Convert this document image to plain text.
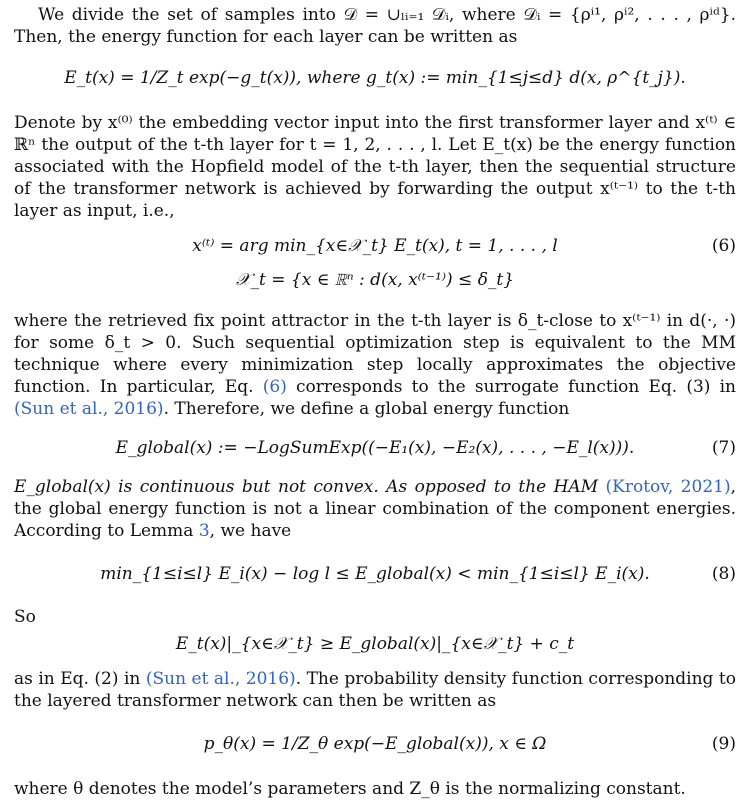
We divide the set of samples into 𝒟 = ∪ₗᵢ₌₁ 𝒟ᵢ, where 𝒟ᵢ = {ρⁱ¹, ρⁱ², . . . , ρⁱᵈ}. Then, the energy function for each layer can be written as

E_t(x) = 1/Z_t exp(−g_t(x)), where g_t(x) := min_{1≤j≤d} d(x, ρ^{t_j}).

Denote by x⁽⁰⁾ the embedding vector input into the first transformer layer and x⁽ᵗ⁾ ∈ ℝⁿ the output of the t-th layer for t = 1, 2, . . . , l. Let E_t(x) be the energy function associated with the Hopfield model of the t-th layer, then the sequential structure of the transformer network is achieved by forwarding the output x⁽ᵗ⁻¹⁾ to the t-th layer as input, i.e.,

x⁽ᵗ⁾ = arg min_{x∈𝒳_t} E_t(x), t = 1, . . . , l	(6)
𝒳_t = {x ∈ ℝⁿ : d(x, x⁽ᵗ⁻¹⁾) ≤ δ_t}

where the retrieved fix point attractor in the t-th layer is δ_t-close to x⁽ᵗ⁻¹⁾ in d(·, ·) for some δ_t > 0. Such sequential optimization step is equivalent to the MM technique where every minimization step locally approximates the objective function. In particular, Eq. (6) corresponds to the surrogate function Eq. (3) in (Sun et al., 2016). Therefore, we define a global energy function

E_global(x) := −LogSumExp((−E₁(x), −E₂(x), . . . , −E_l(x))).	(7)

E_global(x) is continuous but not convex. As opposed to the HAM (Krotov, 2021), the global energy function is not a linear combination of the component energies. According to Lemma 3, we have

min_{1≤i≤l} E_i(x) − log l ≤ E_global(x) < min_{1≤i≤l} E_i(x).	(8)

So

E_t(x)|_{x∈𝒳_t} ≥ E_global(x)|_{x∈𝒳_t} + c_t

as in Eq. (2) in (Sun et al., 2016). The probability density function corresponding to the layered transformer network can then be written as

p_θ(x) = 1/Z_θ exp(−E_global(x)), x ∈ Ω	(9)

where θ denotes the model’s parameters and Z_θ is the normalizing constant.
